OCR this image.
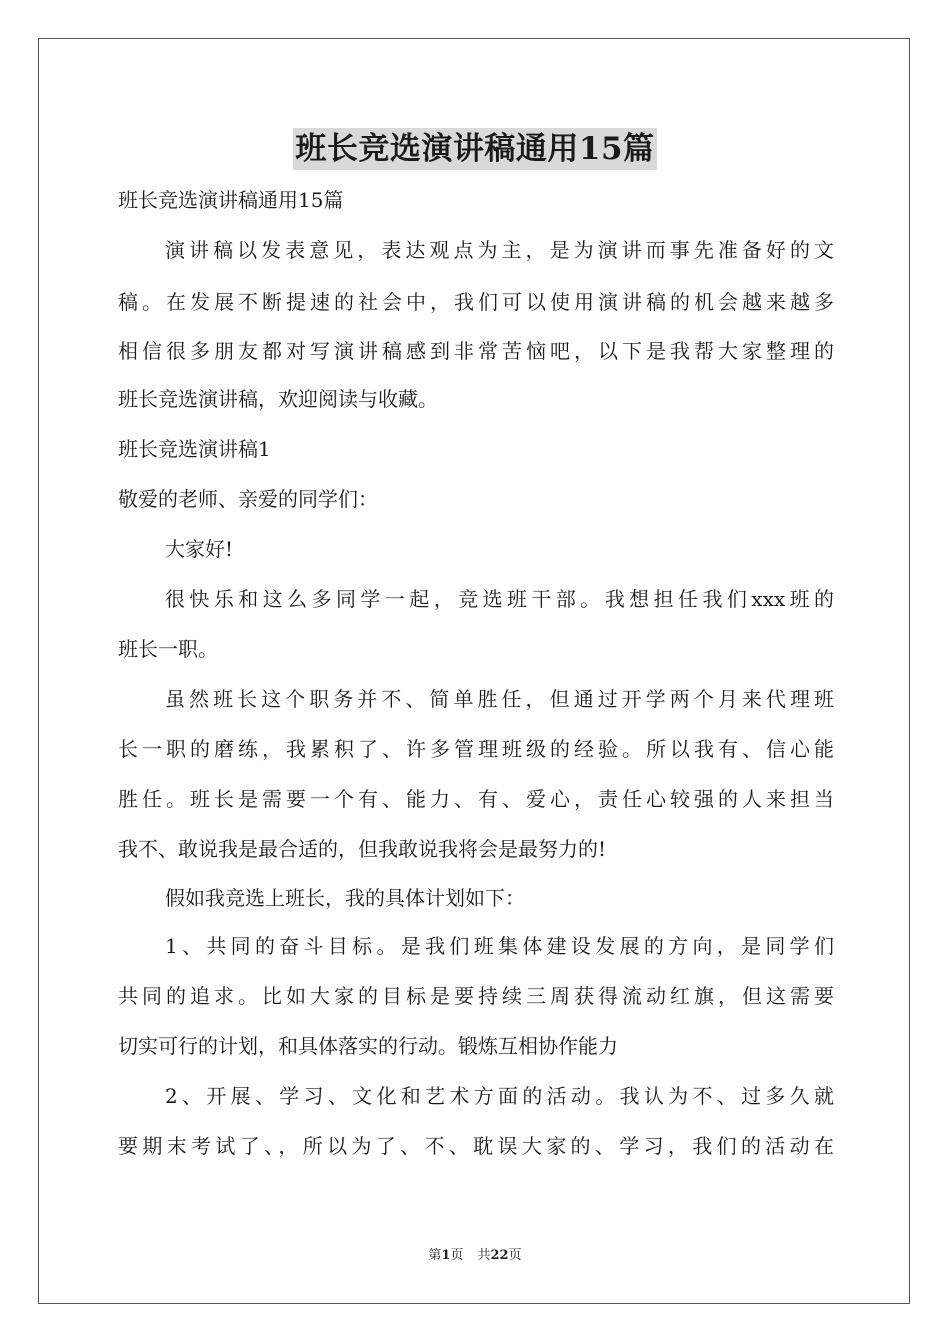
班长竞选演讲稿通用15篇
班长竞选演讲稿通用15篇
演讲稿以发表意见，表达观点为主，是为演讲而事先准备好的文
稿。在发展不断提速的社会中，我们可以使用演讲稿的机会越来越多
相信很多朋友都对写演讲稿感到非常苦恼吧，以下是我帮大家整理的
班长竞选演讲稿，欢迎阅读与收藏。
班长竞选演讲稿1
敬爱的老师、亲爱的同学们：
大家好!
很快乐和这么多同学一起，竞选班干部。我想担任我们xxx班的
班长一职。
虽然班长这个职务并不、简单胜任，但通过开学两个月来代理班
长一职的磨练，我累积了、许多管理班级的经验。所以我有、信心能
胜任。班长是需要一个有、能力、有、爱心，责任心较强的人来担当
我不、敢说我是最合适的，但我敢说我将会是最努力的!
假如我竞选上班长，我的具体计划如下：
1、共同的奋斗目标。是我们班集体建设发展的方向，是同学们
共同的追求。比如大家的目标是要持续三周获得流动红旗，但这需要
切实可行的计划，和具体落实的行动。锻炼互相协作能力
2、开展、学习、文化和艺术方面的活动。我认为不、过多久就
要期末考试了、，所以为了、不、耽误大家的、学习，我们的活动在
第1页 共22页
